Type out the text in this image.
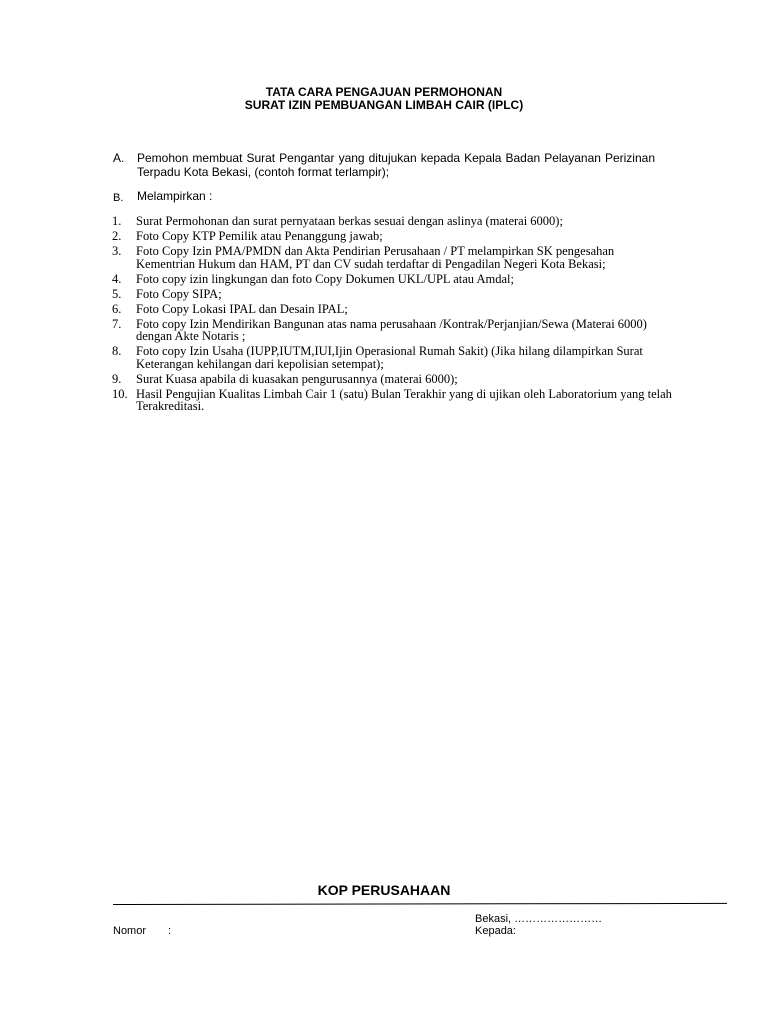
TATA CARA PENGAJUAN PERMOHONAN
SURAT IZIN PEMBUANGAN LIMBAH CAIR (IPLC)
A. Pemohon membuat Surat Pengantar yang ditujukan kepada Kepala Badan Pelayanan Perizinan Terpadu Kota Bekasi, (contoh format terlampir);
B. Melampirkan :
1.	Surat Permohonan dan surat pernyataan berkas sesuai dengan aslinya (materai 6000);
2.	Foto Copy KTP Pemilik atau Penanggung jawab;
3.	Foto Copy Izin PMA/PMDN dan Akta Pendirian Perusahaan / PT melampirkan SK pengesahan Kementrian Hukum dan HAM, PT dan CV sudah terdaftar di Pengadilan Negeri Kota Bekasi;
4.	Foto copy izin lingkungan dan foto Copy Dokumen UKL/UPL atau Amdal;
5.	Foto Copy SIPA;
6.	Foto Copy Lokasi IPAL dan Desain IPAL;
7.	Foto copy Izin Mendirikan Bangunan atas nama perusahaan /Kontrak/Perjanjian/Sewa (Materai 6000) dengan Akte Notaris ;
8.	Foto copy Izin Usaha (IUPP,IUTM,IUI,Ijin Operasional Rumah Sakit) (Jika hilang dilampirkan Surat Keterangan kehilangan dari kepolisian setempat);
9.	Surat Kuasa apabila di kuasakan pengurusannya (materai 6000);
10. Hasil Pengujian Kualitas Limbah Cair 1 (satu) Bulan Terakhir yang di ujikan oleh Laboratorium yang telah Terakreditasi.
KOP PERUSAHAAN
Bekasi, ……………………
Kepada:
Nomor :
